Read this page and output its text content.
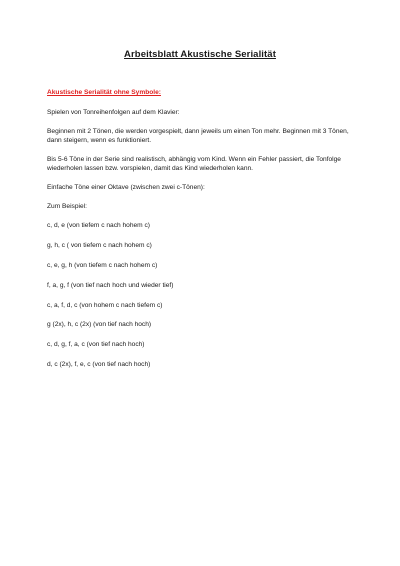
Arbeitsblatt Akustische Serialität
Akustische Serialität ohne Symbole:
Spielen von Tonreihenfolgen auf dem Klavier:
Beginnen mit 2 Tönen, die werden vorgespielt, dann jeweils um einen Ton mehr. Beginnen mit 3 Tönen, dann steigern, wenn es funktioniert.
Bis 5-6 Töne in der Serie sind realistisch, abhängig vom Kind. Wenn ein Fehler passiert, die Tonfolge wiederholen lassen bzw. vorspielen, damit das Kind wiederholen kann.
Einfache Töne einer Oktave (zwischen zwei c-Tönen):
Zum Beispiel:
c, d, e (von tiefem c nach hohem c)
g, h, c ( von tiefem c nach hohem c)
c, e, g, h (von tiefem c nach hohem c)
f, a, g, f (von tief nach hoch und wieder tief)
c, a, f, d, c (von hohem c nach tiefem c)
g (2x), h, c (2x) (von tief nach hoch)
c, d, g, f, a, c (von tief nach hoch)
d, c (2x), f, e, c (von tief nach hoch)
